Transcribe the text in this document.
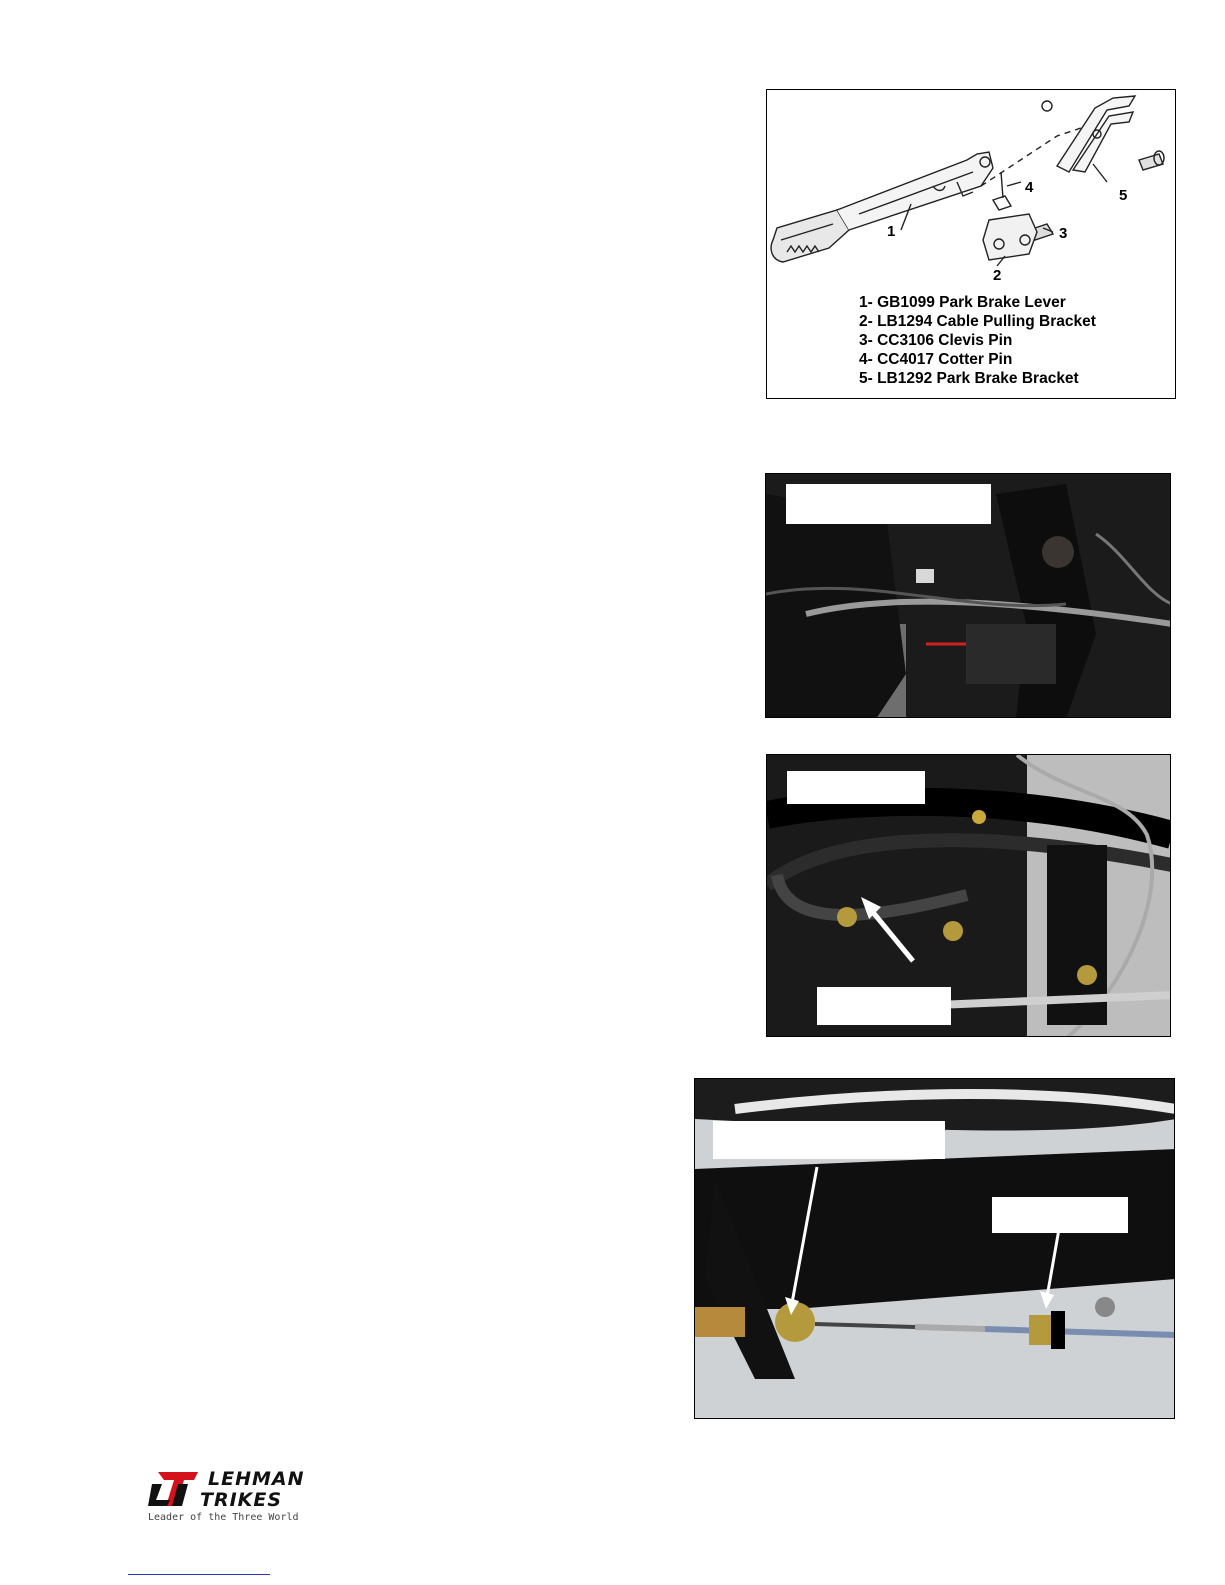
1
2
3
4	5
1- GB1099 Park Brake Lever
2- LB1294 Cable Pulling Bracket
3- CC3106 Clevis Pin
4- CC4017 Cotter Pin
5- LB1292 Park Brake Bracket
LEHMAN
TRIKES
Leader of the Three World
